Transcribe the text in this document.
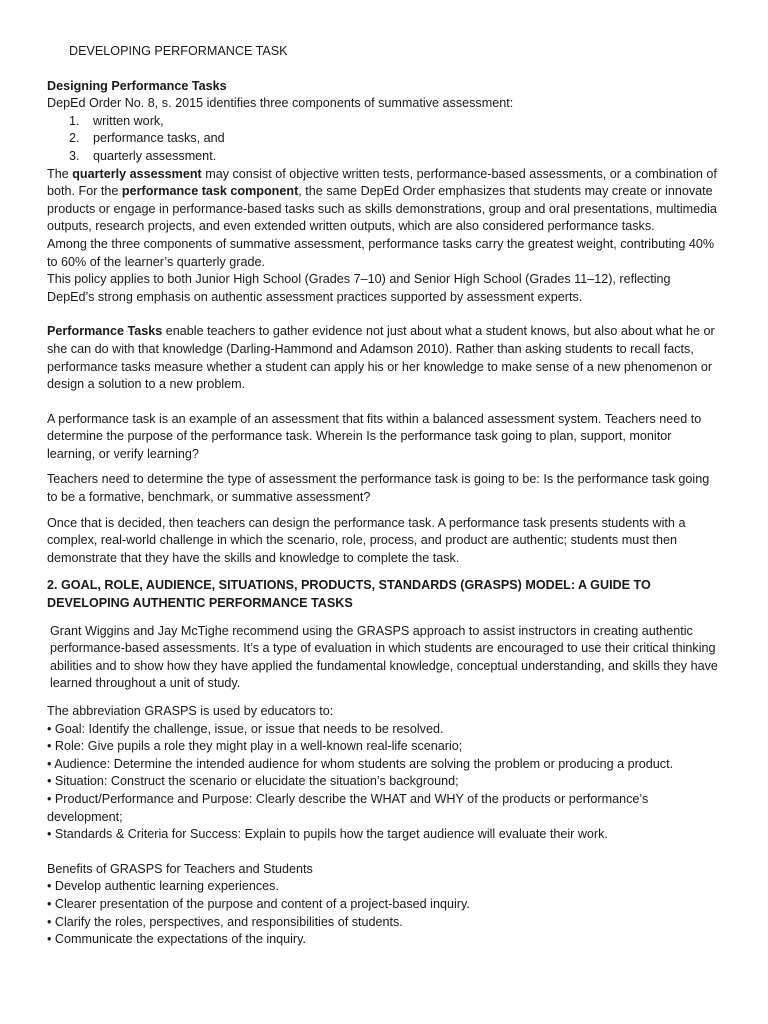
DEVELOPING PERFORMANCE TASK

Designing Performance Tasks

DepEd Order No. 8, s. 2015 identifies three components of summative assessment:

1.	written work,
2.	performance tasks, and
3.	quarterly assessment.

The quarterly assessment may consist of objective written tests, performance-based assessments, or a combination of both. For the performance task component, the same DepEd Order emphasizes that students may create or innovate products or engage in performance-based tasks such as skills demonstrations, group and oral presentations, multimedia outputs, research projects, and even extended written outputs, which are also considered performance tasks.

Among the three components of summative assessment, performance tasks carry the greatest weight, contributing 40% to 60% of the learner’s quarterly grade.

This policy applies to both Junior High School (Grades 7–10) and Senior High School (Grades 11–12), reflecting DepEd’s strong emphasis on authentic assessment practices supported by assessment experts.

Performance Tasks enable teachers to gather evidence not just about what a student knows, but also about what he or she can do with that knowledge (Darling-Hammond and Adamson 2010). Rather than asking students to recall facts, performance tasks measure whether a student can apply his or her knowledge to make sense of a new phenomenon or design a solution to a new problem.

A performance task is an example of an assessment that fits within a balanced assessment system. Teachers need to determine the purpose of the performance task. Wherein Is the performance task going to plan, support, monitor learning, or verify learning?

Teachers need to determine the type of assessment the performance task is going to be: Is the performance task going to be a formative, benchmark, or summative assessment?

Once that is decided, then teachers can design the performance task. A performance task presents students with a complex, real-world challenge in which the scenario, role, process, and product are authentic; students must then demonstrate that they have the skills and knowledge to complete the task.

2. GOAL, ROLE, AUDIENCE, SITUATIONS, PRODUCTS, STANDARDS (GRASPS) MODEL: A GUIDE TO DEVELOPING AUTHENTIC PERFORMANCE TASKS

Grant Wiggins and Jay McTighe recommend using the GRASPS approach to assist instructors in creating authentic performance-based assessments. It’s a type of evaluation in which students are encouraged to use their critical thinking abilities and to show how they have applied the fundamental knowledge, conceptual understanding, and skills they have learned throughout a unit of study.

The abbreviation GRASPS is used by educators to:

• Goal: Identify the challenge, issue, or issue that needs to be resolved.
• Role: Give pupils a role they might play in a well-known real-life scenario;
• Audience: Determine the intended audience for whom students are solving the problem or producing a product.
• Situation: Construct the scenario or elucidate the situation’s background;
• Product/Performance and Purpose: Clearly describe the WHAT and WHY of the products or performance’s development;
• Standards & Criteria for Success: Explain to pupils how the target audience will evaluate their work.

Benefits of GRASPS for Teachers and Students

• Develop authentic learning experiences.
• Clearer presentation of the purpose and content of a project-based inquiry.
• Clarify the roles, perspectives, and responsibilities of students.
• Communicate the expectations of the inquiry.
